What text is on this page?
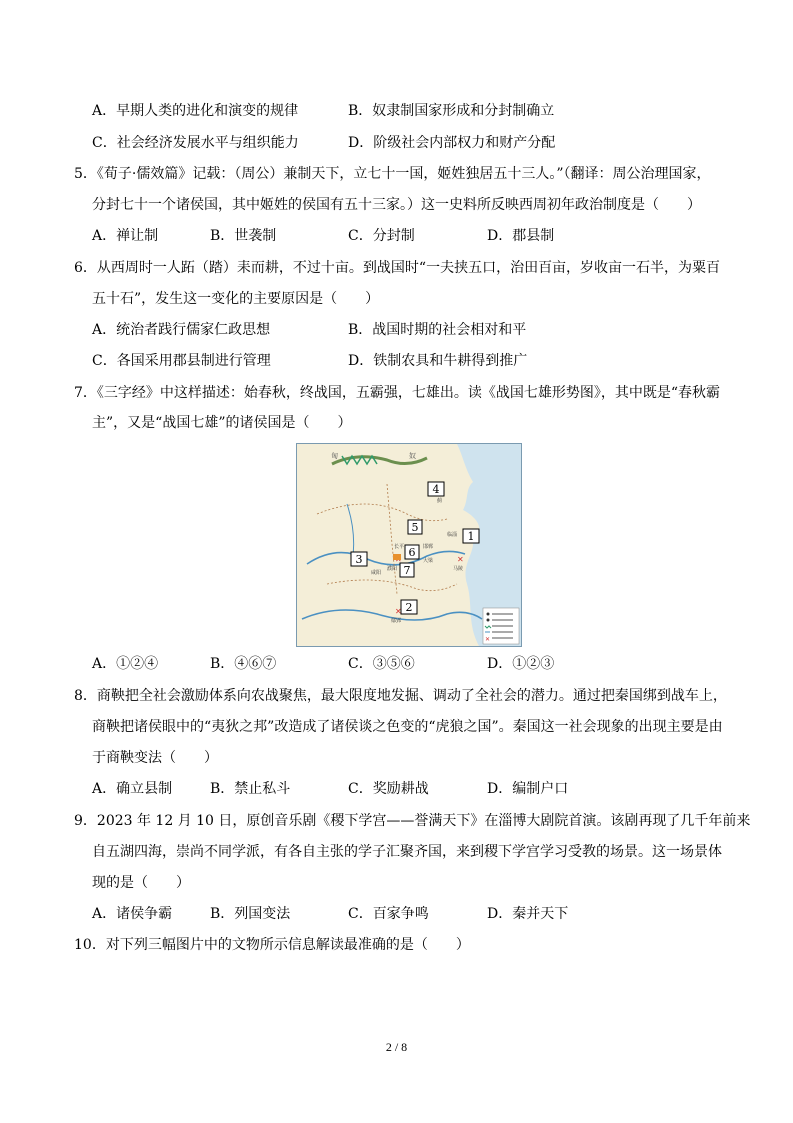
A．早期人类的进化和演变的规律	B．奴隶制国家形成和分封制确立
C．社会经济发展水平与组织能力	D．阶级社会内部权力和财产分配
5．《荀子·儒效篇》记载：（周公）兼制天下，立七十一国，姬姓独居五十三人。”（翻译：周公治理国家，
分封七十一个诸侯国，其中姬姓的侯国有五十三家。）这一史料所反映西周初年政治制度是（　　）
A．禅让制	B．世袭制	C．分封制	D．郡县制
6．从西周时一人跖（踏）耒而耕，不过十亩。到战国时“一夫挟五口，治田百亩，岁收亩一石半，为粟百
五十石”，发生这一变化的主要原因是（　　）
A．统治者践行儒家仁政思想	B．战国时期的社会相对和平
C．各国采用郡县制进行管理	D．铁制农具和牛耕得到推广
7．《三字经》中这样描述：始春秋，终战国，五霸强，七雄出。读《战国七雄形势图》，其中既是“春秋霸
主”，又是“战国七雄”的诸侯国是（　　）
匈	奴
4
5
6
7
3
1
2
✕
✕
长平
咸阳
濮阳	马陵
鄢郢
邯郸
大梁
蓟
临淄
✕
A．①②④	B．④⑥⑦	C．③⑤⑥	D．①②③
8．商鞅把全社会激励体系向农战聚焦，最大限度地发掘、调动了全社会的潜力。通过把秦国绑到战车上，
商鞅把诸侯眼中的“夷狄之邦”改造成了诸侯谈之色变的“虎狼之国”。秦国这一社会现象的出现主要是由
于商鞅变法（　　）
A．确立县制	B．禁止私斗	C．奖励耕战	D．编制户口
9．2023 年 12 月 10 日，原创音乐剧《稷下学宫——誉满天下》在淄博大剧院首演。该剧再现了几千年前来
自五湖四海，崇尚不同学派，有各自主张的学子汇聚齐国，来到稷下学宫学习受教的场景。这一场景体
现的是（　　）
A．诸侯争霸	B．列国变法	C．百家争鸣	D．秦并天下
10．对下列三幅图片中的文物所示信息解读最准确的是（　　）
2 / 8
